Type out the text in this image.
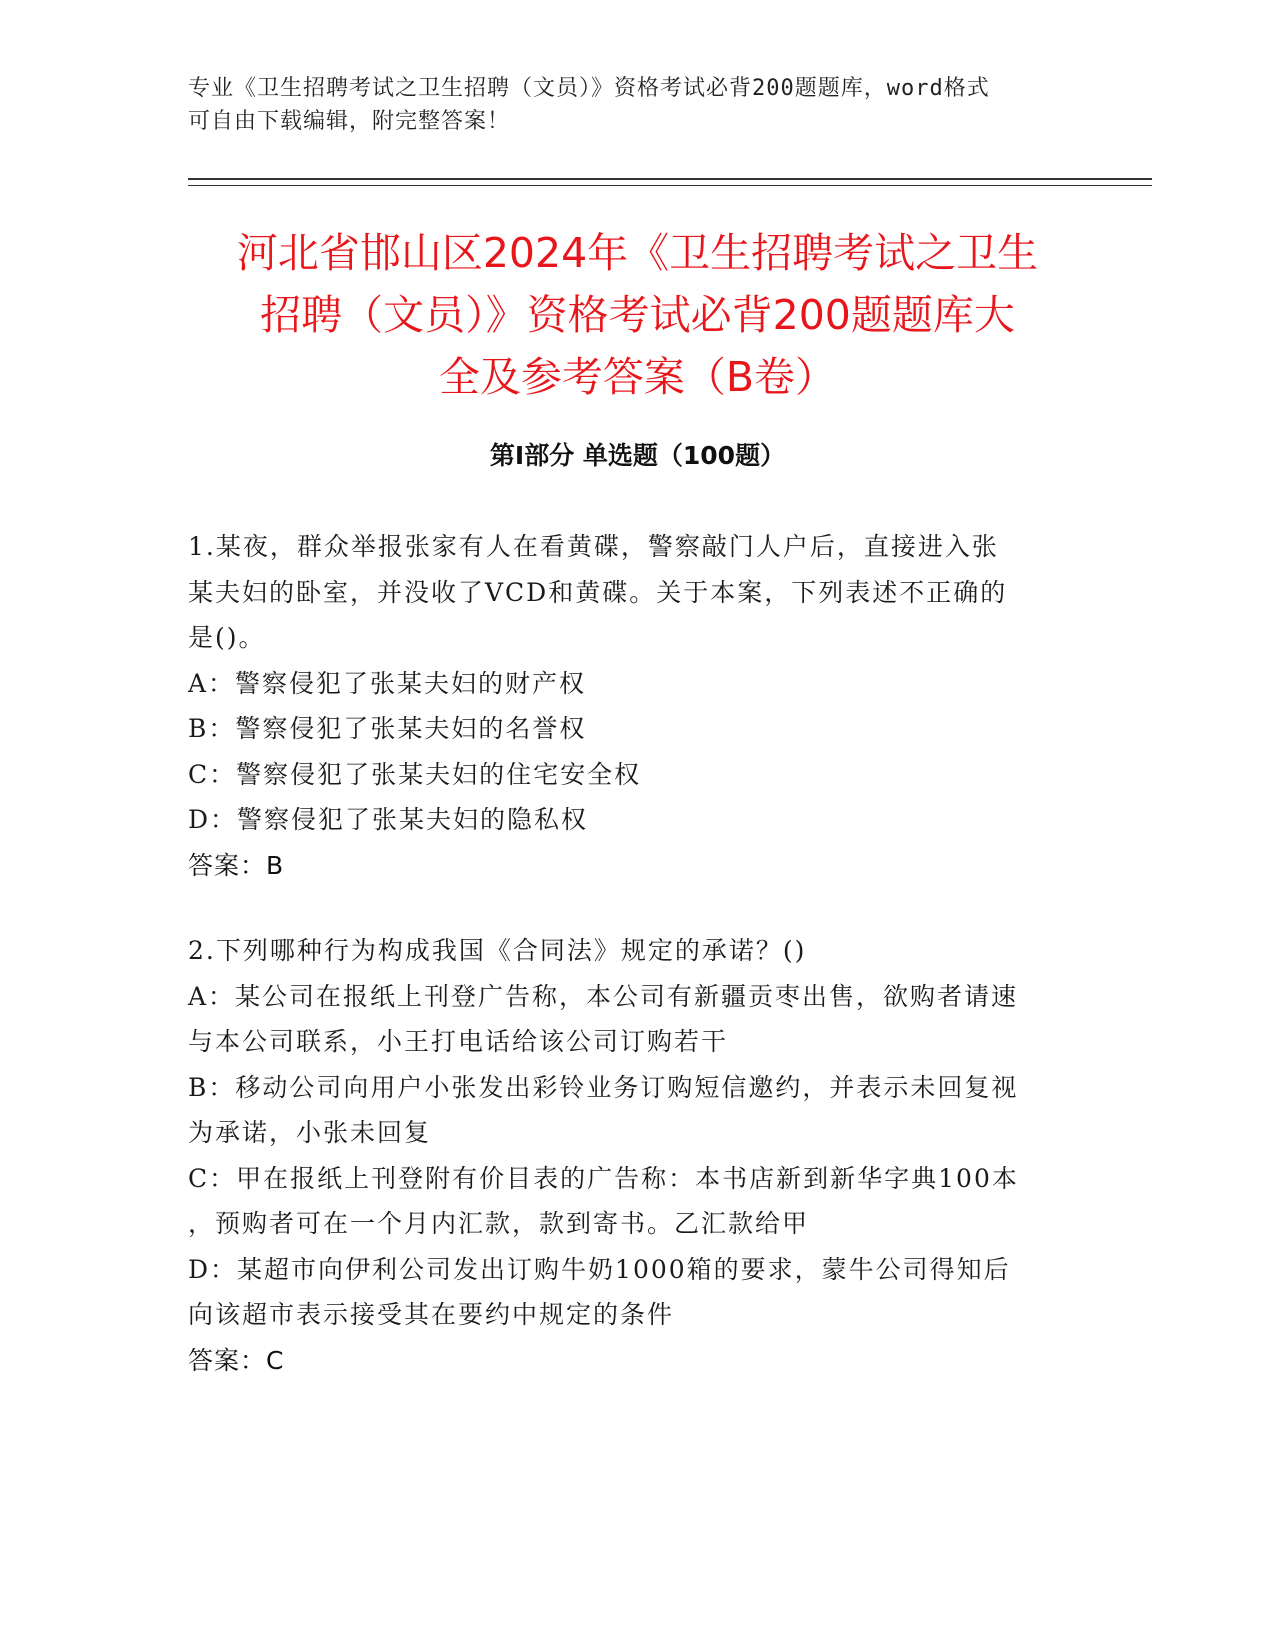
专业《卫生招聘考试之卫生招聘（文员）》资格考试必背200题题库，word格式
可自由下载编辑，附完整答案！
河北省邯山区2024年《卫生招聘考试之卫生
招聘（文员）》资格考试必背200题题库大
全及参考答案（B卷）
第Ⅰ部分 单选题（100题）
1.某夜，群众举报张家有人在看黄碟，警察敲门人户后，直接进入张
某夫妇的卧室，并没收了VCD和黄碟。关于本案，下列表述不正确的
是()。
A：警察侵犯了张某夫妇的财产权
B：警察侵犯了张某夫妇的名誉权
C：警察侵犯了张某夫妇的住宅安全权
D：警察侵犯了张某夫妇的隐私权
答案：B
2.下列哪种行为构成我国《合同法》规定的承诺？()
A：某公司在报纸上刊登广告称，本公司有新疆贡枣出售，欲购者请速
与本公司联系，小王打电话给该公司订购若干
B：移动公司向用户小张发出彩铃业务订购短信邀约，并表示未回复视
为承诺，小张未回复
C：甲在报纸上刊登附有价目表的广告称：本书店新到新华字典100本
，预购者可在一个月内汇款，款到寄书。乙汇款给甲
D：某超市向伊利公司发出订购牛奶1000箱的要求，蒙牛公司得知后
向该超市表示接受其在要约中规定的条件
答案：C
